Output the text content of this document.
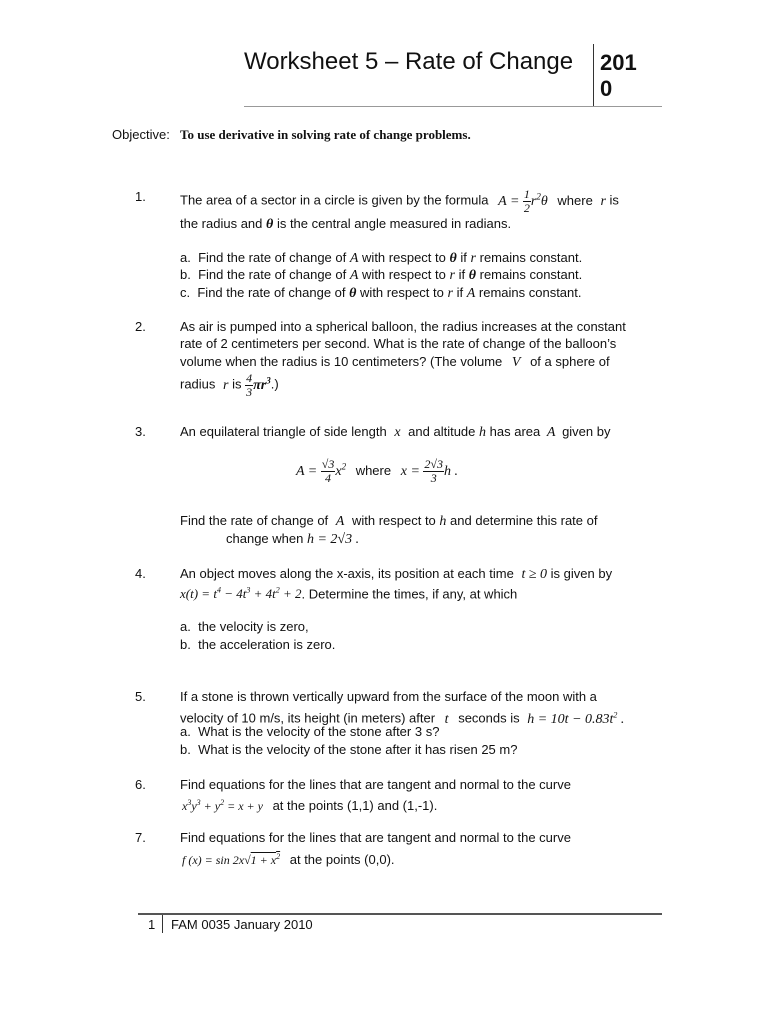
Worksheet 5 – Rate of Change 2010
Objective: To use derivative in solving rate of change problems.
1.	The area of a sector in a circle is given by the formula $A = \frac{1}{2} r^2\theta$ where r is
the radius and θ is the central angle measured in radians.
a. Find the rate of change of A with respect to θ if r remains constant.
b. Find the rate of change of A with respect to r if θ remains constant.
c. Find the rate of change of θ with respect to r if A remains constant.
2.	As air is pumped into a spherical balloon, the radius increases at the constant
rate of 2 centimeters per second. What is the rate of change of the balloon’s
volume when the radius is 10 centimeters? (The volume V of a sphere of
radius r is $\frac{4}{3} \pi r^3$.)
3.	An equilateral triangle of side length x and altitude h has area A given by
$A = \frac{√3}{4} x^2$ where $x = \frac{2√3}{3}$ h .
Find the rate of change of A with respect to h and determine this rate of
change when h = 2√3 .
4.	An object moves along the x-axis, its position at each time t ≥ 0 is given by
$x(t) = t^4 - 4t^3 + 4t^2 + 2$. Determine the times, if any, at which
a. the velocity is zero,
b. the acceleration is zero.
5.	If a stone is thrown vertically upward from the surface of the moon with a
velocity of 10 m/s, its height (in meters) after t seconds is $h = 10t - 0.83t^2$ .
a. What is the velocity of the stone after 3 s?
b. What is the velocity of the stone after it has risen 25 m?
6.	Find equations for the lines that are tangent and normal to the curve
$x^3y^3 + y^2 = x + y$ at the points (1,1) and (1,-1).
7.	Find equations for the lines that are tangent and normal to the curve
f $(x) = \sin 2x√1 + x^2$ at the points (0,0).
1 FAM 0035 January 2010
